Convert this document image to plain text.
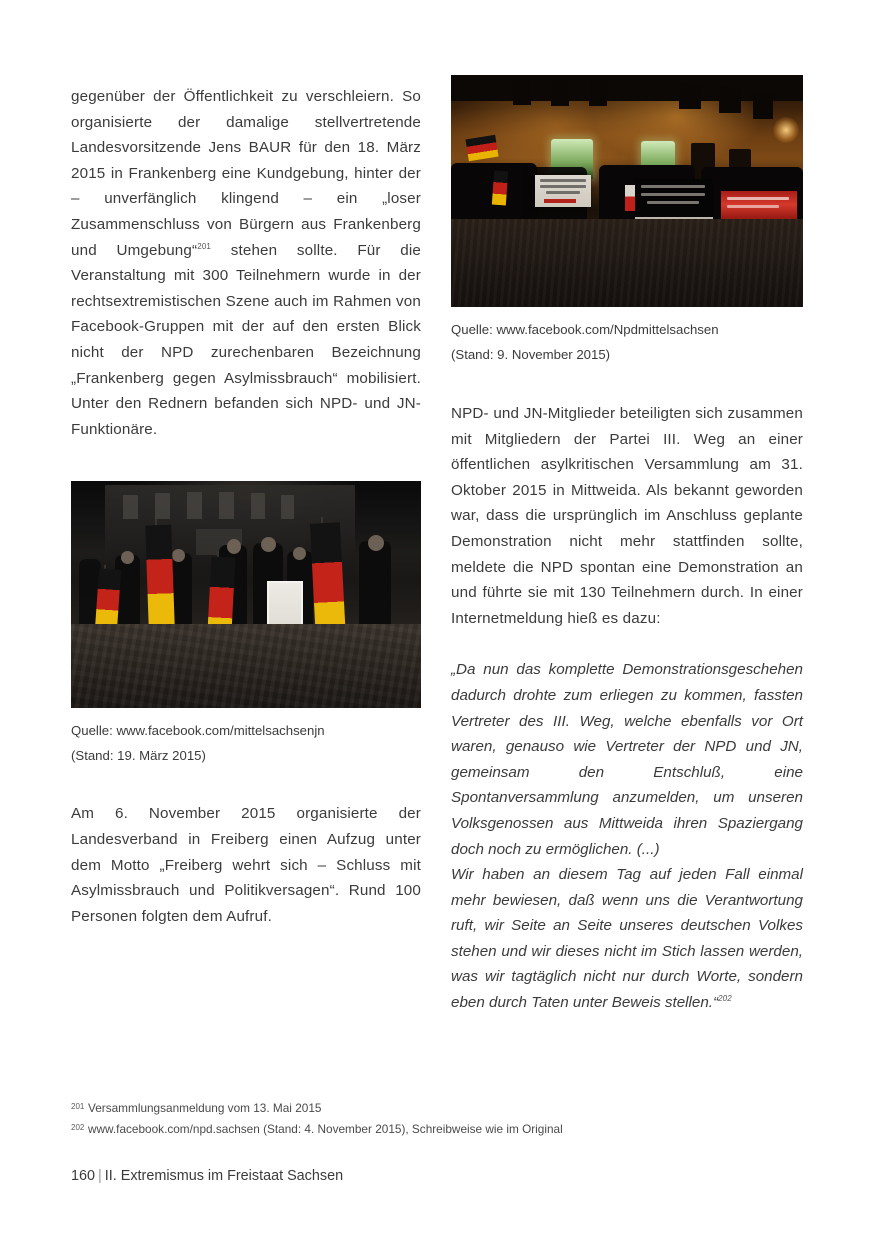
gegenüber der Öffentlichkeit zu verschleiern. So organisierte der damalige stellvertretende Landesvorsitzende Jens BAUR für den 18. März 2015 in Frankenberg eine Kundgebung, hinter der – unverfänglich klingend – ein „loser Zusammenschluss von Bürgern aus Frankenberg und Umgebung“$^{201}$ stehen sollte. Für die Veranstaltung mit 300 Teilnehmern wurde in der rechtsextremistischen Szene auch im Rahmen von Facebook-Gruppen mit der auf den ersten Blick nicht der NPD zurechenbaren Bezeichnung „Frankenberg gegen Asylmissbrauch“ mobilisiert. Unter den Rednern befanden sich NPD- und JN-Funktionäre.

Quelle: www.facebook.com/mittelsachsenjn

(Stand: 19. März 2015)

Am 6. November 2015 organisierte der Landesverband in Freiberg einen Aufzug unter dem Motto „Freiberg wehrt sich – Schluss mit Asylmissbrauch und Politikversagen“. Rund 100 Personen folgten dem Aufruf.

Quelle: www.facebook.com/Npdmittelsachsen

(Stand: 9. November 2015)

NPD- und JN-Mitglieder beteiligten sich zusammen mit Mitgliedern der Partei III. Weg an einer öffentlichen asylkritischen Versammlung am 31. Oktober 2015 in Mittweida. Als bekannt geworden war, dass die ursprünglich im Anschluss geplante Demonstration nicht mehr stattfinden sollte, meldete die NPD spontan eine Demonstration an und führte sie mit 130 Teilnehmern durch. In einer Internetmeldung hieß es dazu:

„Da nun das komplette Demonstrationsgeschehen dadurch drohte zum erliegen zu kommen, fassten Vertreter des III. Weg, welche ebenfalls vor Ort waren, genauso wie Vertreter der NPD und JN, gemeinsam den Entschluß, eine Spontanversammlung anzumelden, um unseren Volksgenossen aus Mittweida ihren Spaziergang doch noch zu ermöglichen. (...)

Wir haben an diesem Tag auf jeden Fall einmal mehr bewiesen, daß wenn uns die Verantwortung ruft, wir Seite an Seite unseres deutschen Volkes stehen und wir dieses nicht im Stich lassen werden, was wir tagtäglich nicht nur durch Worte, sondern eben durch Taten unter Beweis stellen.“$^{202}$

201 Versammlungsanmeldung vom 13. Mai 2015
202 www.facebook.com/npd.sachsen (Stand: 4. November 2015), Schreibweise wie im Original
160 | II. Extremismus im Freistaat Sachsen
